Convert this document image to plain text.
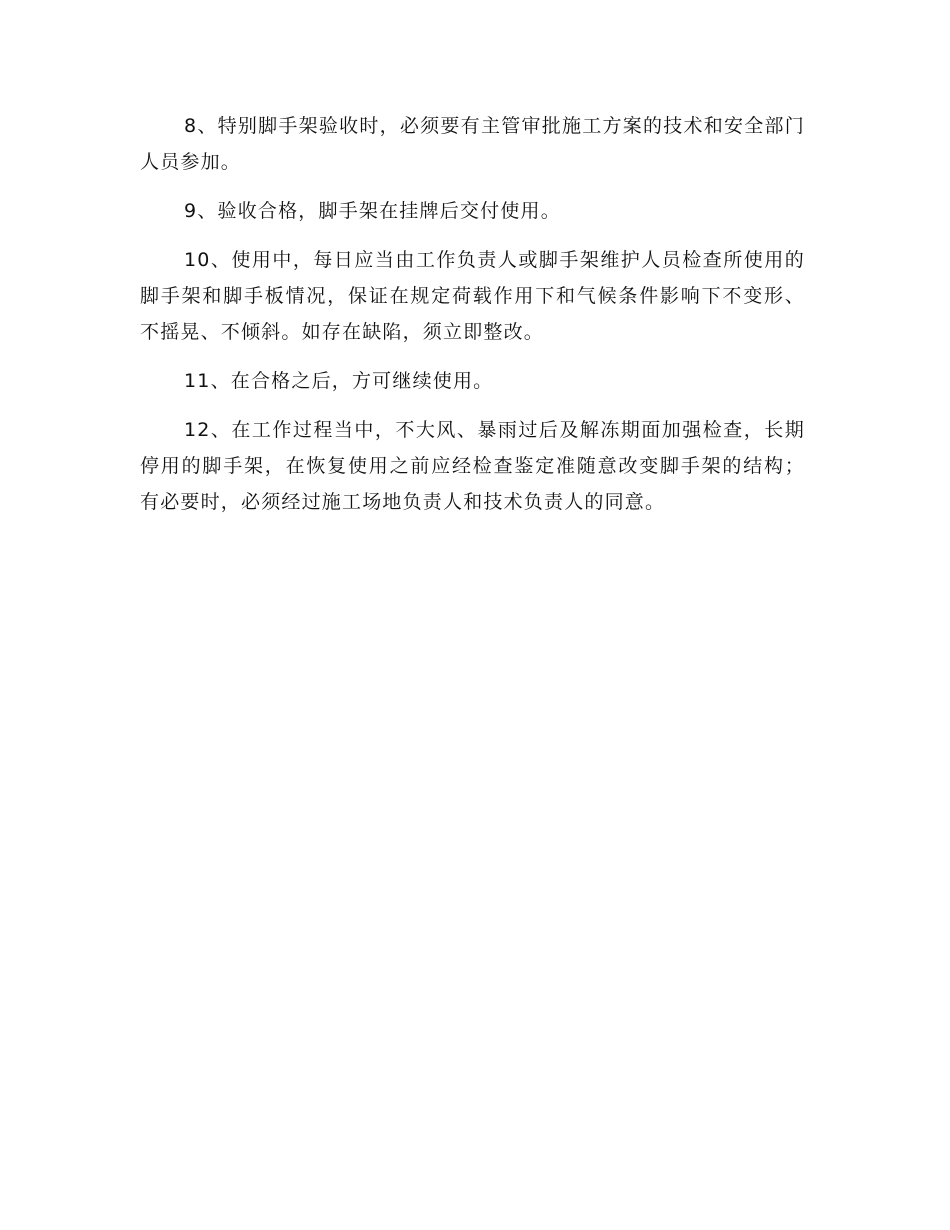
8、特别脚手架验收时，必须要有主管审批施工方案的技术和安全部门人员参加。

9、验收合格，脚手架在挂牌后交付使用。

10、使用中，每日应当由工作负责人或脚手架维护人员检查所使用的脚手架和脚手板情况，保证在规定荷载作用下和气候条件影响下不变形、不摇晃、不倾斜。如存在缺陷，须立即整改。

11、在合格之后，方可继续使用。

12、在工作过程当中，不大风、暴雨过后及解冻期面加强检查，长期停用的脚手架，在恢复使用之前应经检查鉴定准随意改变脚手架的结构；有必要时，必须经过施工场地负责人和技术负责人的同意。
